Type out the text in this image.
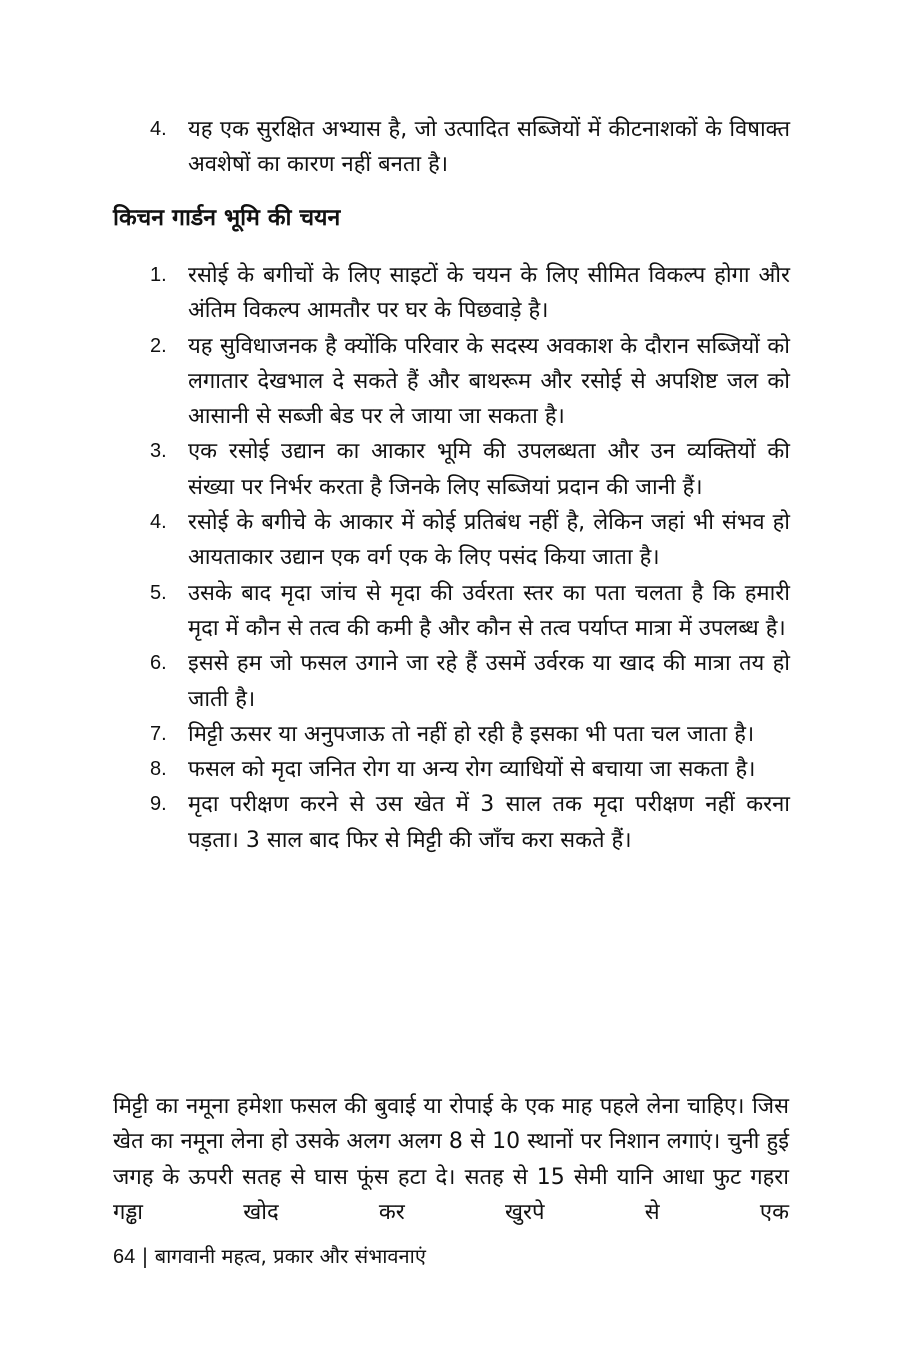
4. यह एक सुरक्षित अभ्यास है, जो उत्पादित सब्जियों में कीटनाशकों के विषाक्त अवशेषों का कारण नहीं बनता है।
किचन गार्डन भूमि की चयन
1. रसोई के बगीचों के लिए साइटों के चयन के लिए सीमित विकल्प होगा और अंतिम विकल्प आमतौर पर घर के पिछवाड़े है।
2. यह सुविधाजनक है क्योंकि परिवार के सदस्य अवकाश के दौरान सब्जियों को लगातार देखभाल दे सकते हैं और बाथरूम और रसोई से अपशिष्ट जल को आसानी से सब्जी बेड पर ले जाया जा सकता है।
3. एक रसोई उद्यान का आकार भूमि की उपलब्धता और उन व्यक्तियों की संख्या पर निर्भर करता है जिनके लिए सब्जियां प्रदान की जानी हैं।
4. रसोई के बगीचे के आकार में कोई प्रतिबंध नहीं है, लेकिन जहां भी संभव हो आयताकार उद्यान एक वर्ग एक के लिए पसंद किया जाता है।
5. उसके बाद मृदा जांच से मृदा की उर्वरता स्तर का पता चलता है कि हमारी मृदा में कौन से तत्व की कमी है और कौन से तत्व पर्याप्त मात्रा में उपलब्ध है।
6. इससे हम जो फसल उगाने जा रहे हैं उसमें उर्वरक या खाद की मात्रा तय हो जाती है।
7. मिट्टी ऊसर या अनुपजाऊ तो नहीं हो रही है इसका भी पता चल जाता है।
8. फसल को मृदा जनित रोग या अन्य रोग व्याधियों से बचाया जा सकता है।
9. मृदा परीक्षण करने से उस खेत में 3 साल तक मृदा परीक्षण नहीं करना पड़ता। 3 साल बाद फिर से मिट्टी की जाँच करा सकते हैं।
मिट्टी का नमूना हमेशा फसल की बुवाई या रोपाई के एक माह पहले लेना चाहिए। जिस खेत का नमूना लेना हो उसके अलग अलग 8 से 10 स्थानों पर निशान लगाएं। चुनी हुई जगह के ऊपरी सतह से घास फूंस हटा दे। सतह से 15 सेमी यानि आधा फुट गहरा गड्ढा खोद कर खुरपे से एक
64 | बागवानी महत्व, प्रकार और संभावनाएं
